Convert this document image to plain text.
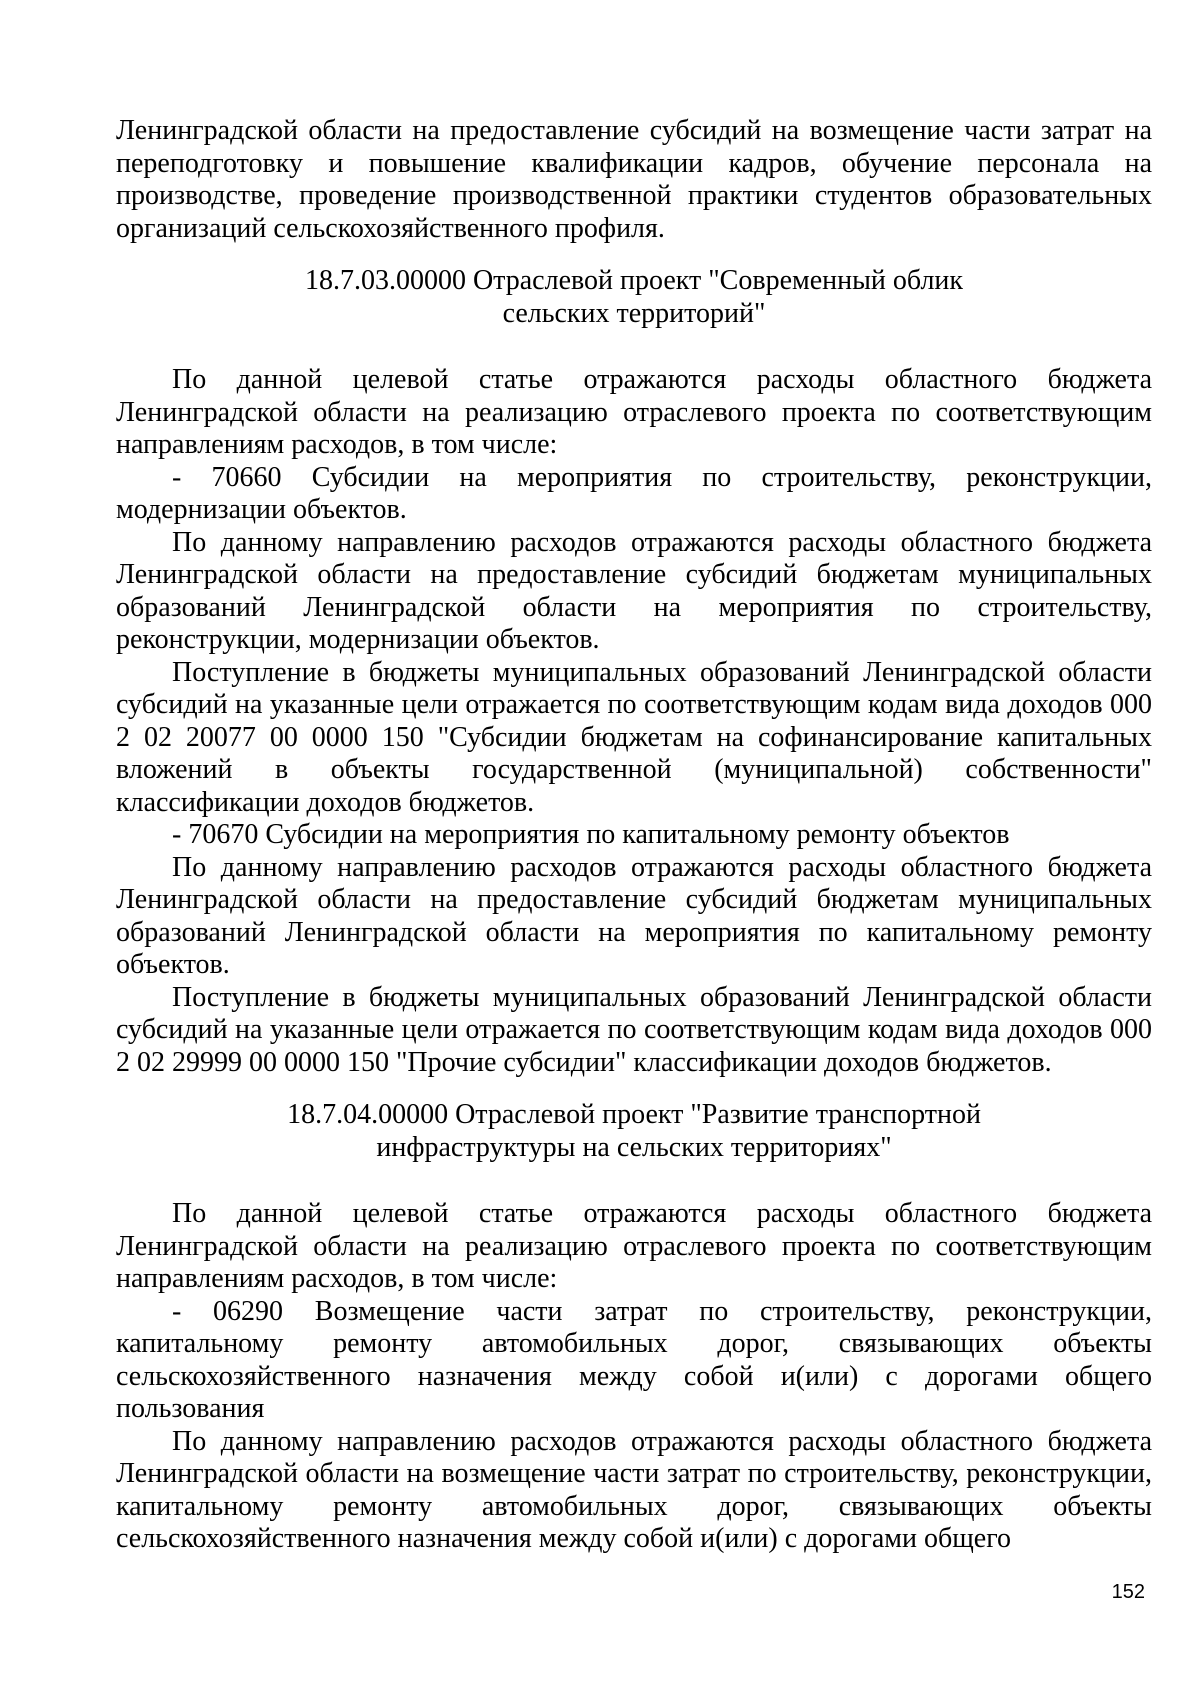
Ленинградской области на предоставление субсидий на возмещение части затрат на переподготовку и повышение квалификации кадров, обучение персонала на производстве, проведение производственной практики студентов образовательных организаций сельскохозяйственного профиля.

18.7.03.00000 Отраслевой проект "Современный облик
сельских территорий"

По данной целевой статье отражаются расходы областного бюджета Ленинградской области на реализацию отраслевого проекта по соответствующим направлениям расходов, в том числе:

- 70660 Субсидии на мероприятия по строительству, реконструкции, модернизации объектов.

По данному направлению расходов отражаются расходы областного бюджета Ленинградской области на предоставление субсидий бюджетам муниципальных образований Ленинградской области на мероприятия по строительству, реконструкции, модернизации объектов.

Поступление в бюджеты муниципальных образований Ленинградской области субсидий на указанные цели отражается по соответствующим кодам вида доходов 000 2 02 20077 00 0000 150 "Субсидии бюджетам на софинансирование капитальных вложений в объекты государственной (муниципальной) собственности" классификации доходов бюджетов.

- 70670 Субсидии на мероприятия по капитальному ремонту объектов

По данному направлению расходов отражаются расходы областного бюджета Ленинградской области на предоставление субсидий бюджетам муниципальных образований Ленинградской области на мероприятия по капитальному ремонту объектов.

Поступление в бюджеты муниципальных образований Ленинградской области субсидий на указанные цели отражается по соответствующим кодам вида доходов 000 2 02 29999 00 0000 150 "Прочие субсидии" классификации доходов бюджетов.

18.7.04.00000 Отраслевой проект "Развитие транспортной
инфраструктуры на сельских территориях"

По данной целевой статье отражаются расходы областного бюджета Ленинградской области на реализацию отраслевого проекта по соответствующим направлениям расходов, в том числе:

- 06290 Возмещение части затрат по строительству, реконструкции, капитальному ремонту автомобильных дорог, связывающих объекты сельскохозяйственного назначения между собой и(или) с дорогами общего пользования

По данному направлению расходов отражаются расходы областного бюджета Ленинградской области на возмещение части затрат по строительству, реконструкции, капитальному ремонту автомобильных дорог, связывающих объекты сельскохозяйственного назначения между собой и(или) с дорогами общего

152
